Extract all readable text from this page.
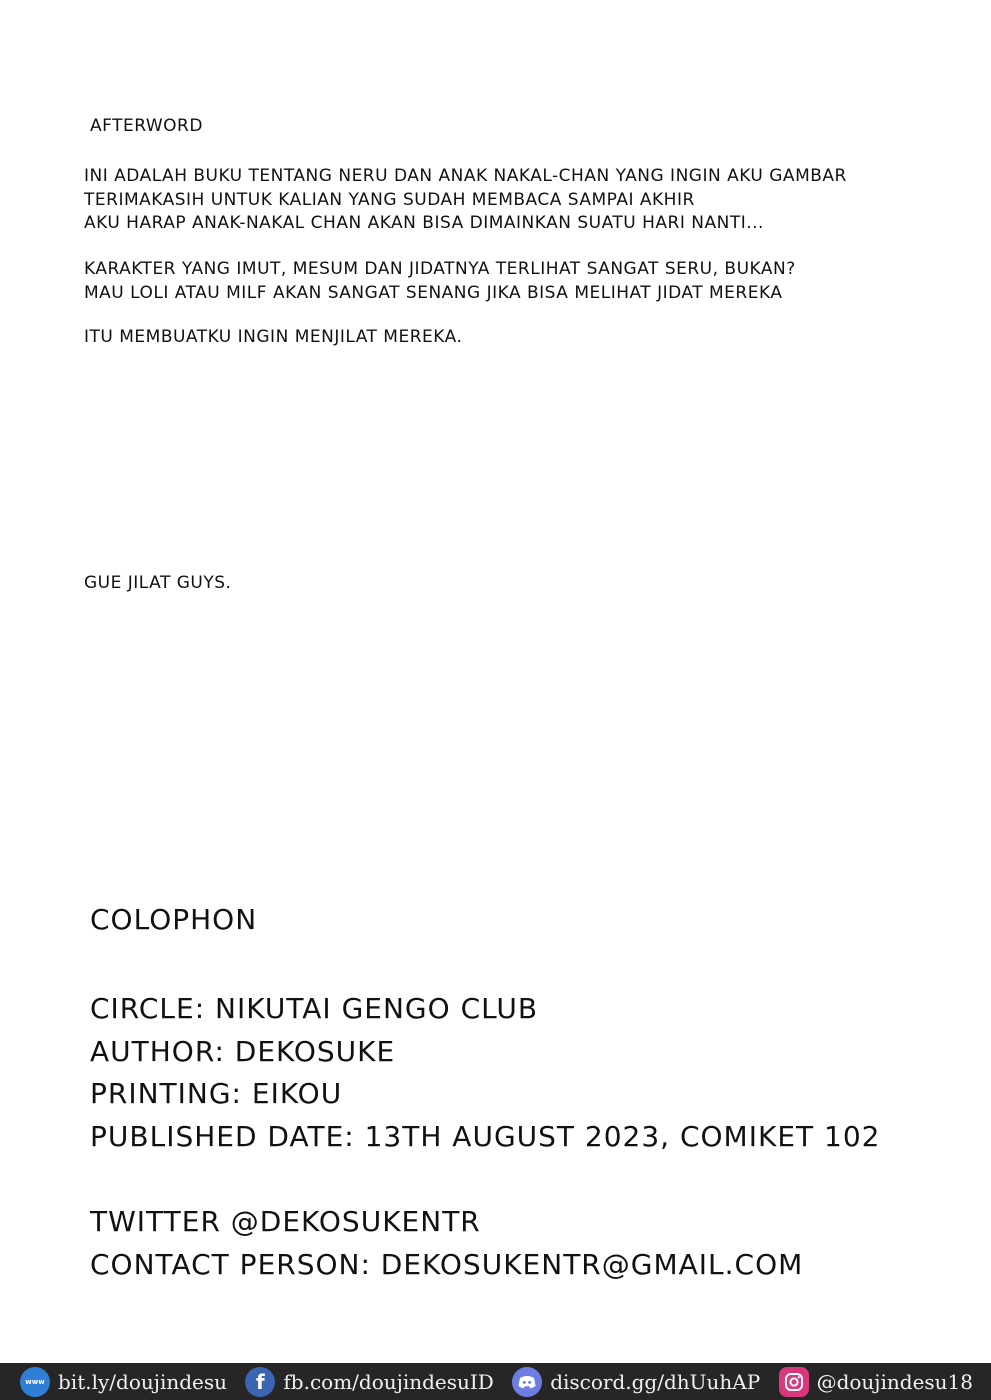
AFTERWORD
INI ADALAH BUKU TENTANG NERU DAN ANAK NAKAL-CHAN YANG INGIN AKU GAMBAR
TERIMAKASIH UNTUK KALIAN YANG SUDAH MEMBACA SAMPAI AKHIR
AKU HARAP ANAK-NAKAL CHAN AKAN BISA DIMAINKAN SUATU HARI NANTI...
KARAKTER YANG IMUT, MESUM DAN JIDATNYA TERLIHAT SANGAT SERU, BUKAN?
MAU LOLI ATAU MILF AKAN SANGAT SENANG JIKA BISA MELIHAT JIDAT MEREKA
ITU MEMBUATKU INGIN MENJILAT MEREKA.
GUE JILAT GUYS.
COLOPHON
CIRCLE: NIKUTAI GENGO CLUB
AUTHOR: DEKOSUKE
PRINTING: EIKOU
PUBLISHED DATE: 13TH AUGUST 2023, COMIKET 102
TWITTER @DEKOSUKENTR
CONTACT PERSON: DEKOSUKENTR@GMAIL.COM
www bit.ly/doujindesu	f fb.com/doujindesuID	discord.gg/dhUuhAP	@doujindesu18
